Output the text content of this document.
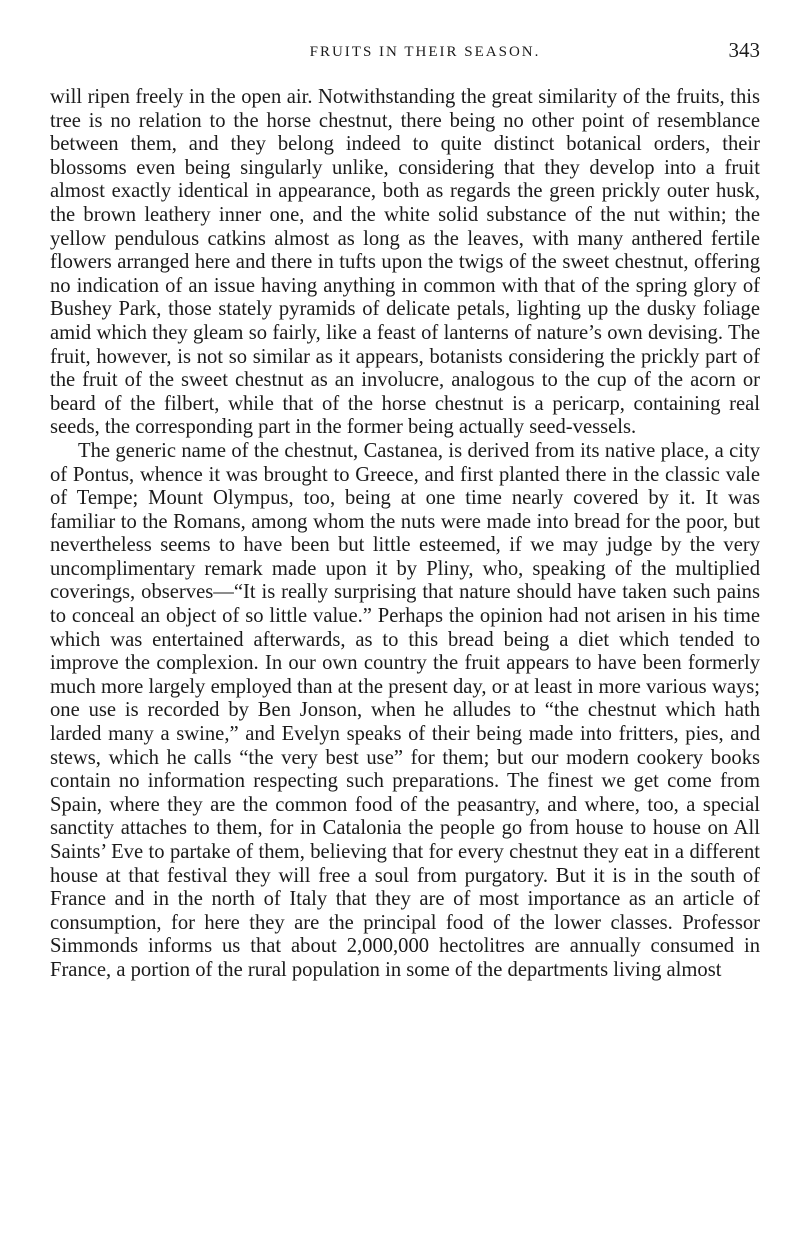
FRUITS IN THEIR SEASON.	343

will ripen freely in the open air. Notwithstanding the great similarity of the fruits, this tree is no relation to the horse chestnut, there being no other point of resemblance between them, and they belong indeed to quite distinct botanical orders, their blossoms even being singularly unlike, considering that they develop into a fruit almost exactly identical in appearance, both as regards the green prickly outer husk, the brown leathery inner one, and the white solid substance of the nut within; the yellow pendulous catkins almost as long as the leaves, with many anthered fertile flowers arranged here and there in tufts upon the twigs of the sweet chestnut, offering no indication of an issue having anything in common with that of the spring glory of Bushey Park, those stately pyramids of delicate petals, lighting up the dusky foliage amid which they gleam so fairly, like a feast of lanterns of nature’s own devising. The fruit, however, is not so similar as it appears, botanists considering the prickly part of the fruit of the sweet chestnut as an involucre, analogous to the cup of the acorn or beard of the filbert, while that of the horse chestnut is a pericarp, containing real seeds, the corresponding part in the former being actually seed-vessels.

The generic name of the chestnut, Castanea, is derived from its native place, a city of Pontus, whence it was brought to Greece, and first planted there in the classic vale of Tempe; Mount Olympus, too, being at one time nearly covered by it. It was familiar to the Romans, among whom the nuts were made into bread for the poor, but nevertheless seems to have been but little esteemed, if we may judge by the very uncomplimentary remark made upon it by Pliny, who, speaking of the multiplied coverings, observes—“It is really surprising that nature should have taken such pains to conceal an object of so little value.” Perhaps the opinion had not arisen in his time which was entertained afterwards, as to this bread being a diet which tended to improve the complexion. In our own country the fruit appears to have been formerly much more largely employed than at the present day, or at least in more various ways; one use is recorded by Ben Jonson, when he alludes to “the chestnut which hath larded many a swine,” and Evelyn speaks of their being made into fritters, pies, and stews, which he calls “the very best use” for them; but our modern cookery books contain no information respecting such preparations. The finest we get come from Spain, where they are the common food of the peasantry, and where, too, a special sanctity attaches to them, for in Catalonia the people go from house to house on All Saints’ Eve to partake of them, believing that for every chestnut they eat in a different house at that festival they will free a soul from purgatory. But it is in the south of France and in the north of Italy that they are of most importance as an article of consumption, for here they are the principal food of the lower classes. Professor Simmonds informs us that about 2,000,000 hectolitres are annually consumed in France, a portion of the rural population in some of the departments living almost
